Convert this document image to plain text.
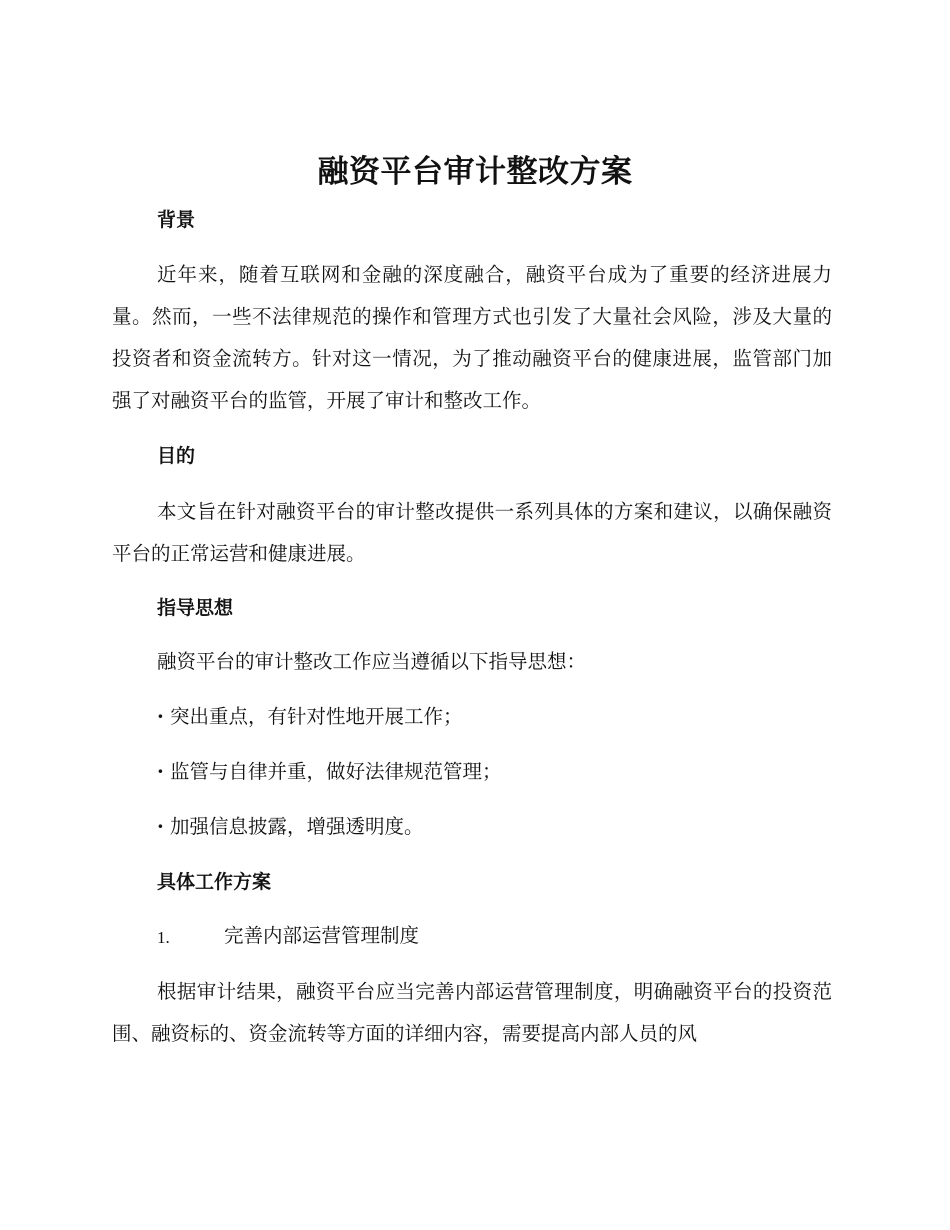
融资平台审计整改方案
背景

近年来，随着互联网和金融的深度融合，融资平台成为了重要的经济进展力量。然而，一些不法律规范的操作和管理方式也引发了大量社会风险，涉及大量的投资者和资金流转方。针对这一情况，为了推动融资平台的健康进展，监管部门加强了对融资平台的监管，开展了审计和整改工作。

目的

本文旨在针对融资平台的审计整改提供一系列具体的方案和建议，以确保融资平台的正常运营和健康进展。

指导思想

融资平台的审计整改工作应当遵循以下指导思想：

· 突出重点，有针对性地开展工作；

· 监管与自律并重，做好法律规范管理；

· 加强信息披露，增强透明度。

具体工作方案
1.	完善内部运营管理制度

根据审计结果，融资平台应当完善内部运营管理制度，明确融资平台的投资范围、融资标的、资金流转等方面的详细内容，需要提高内部人员的风
